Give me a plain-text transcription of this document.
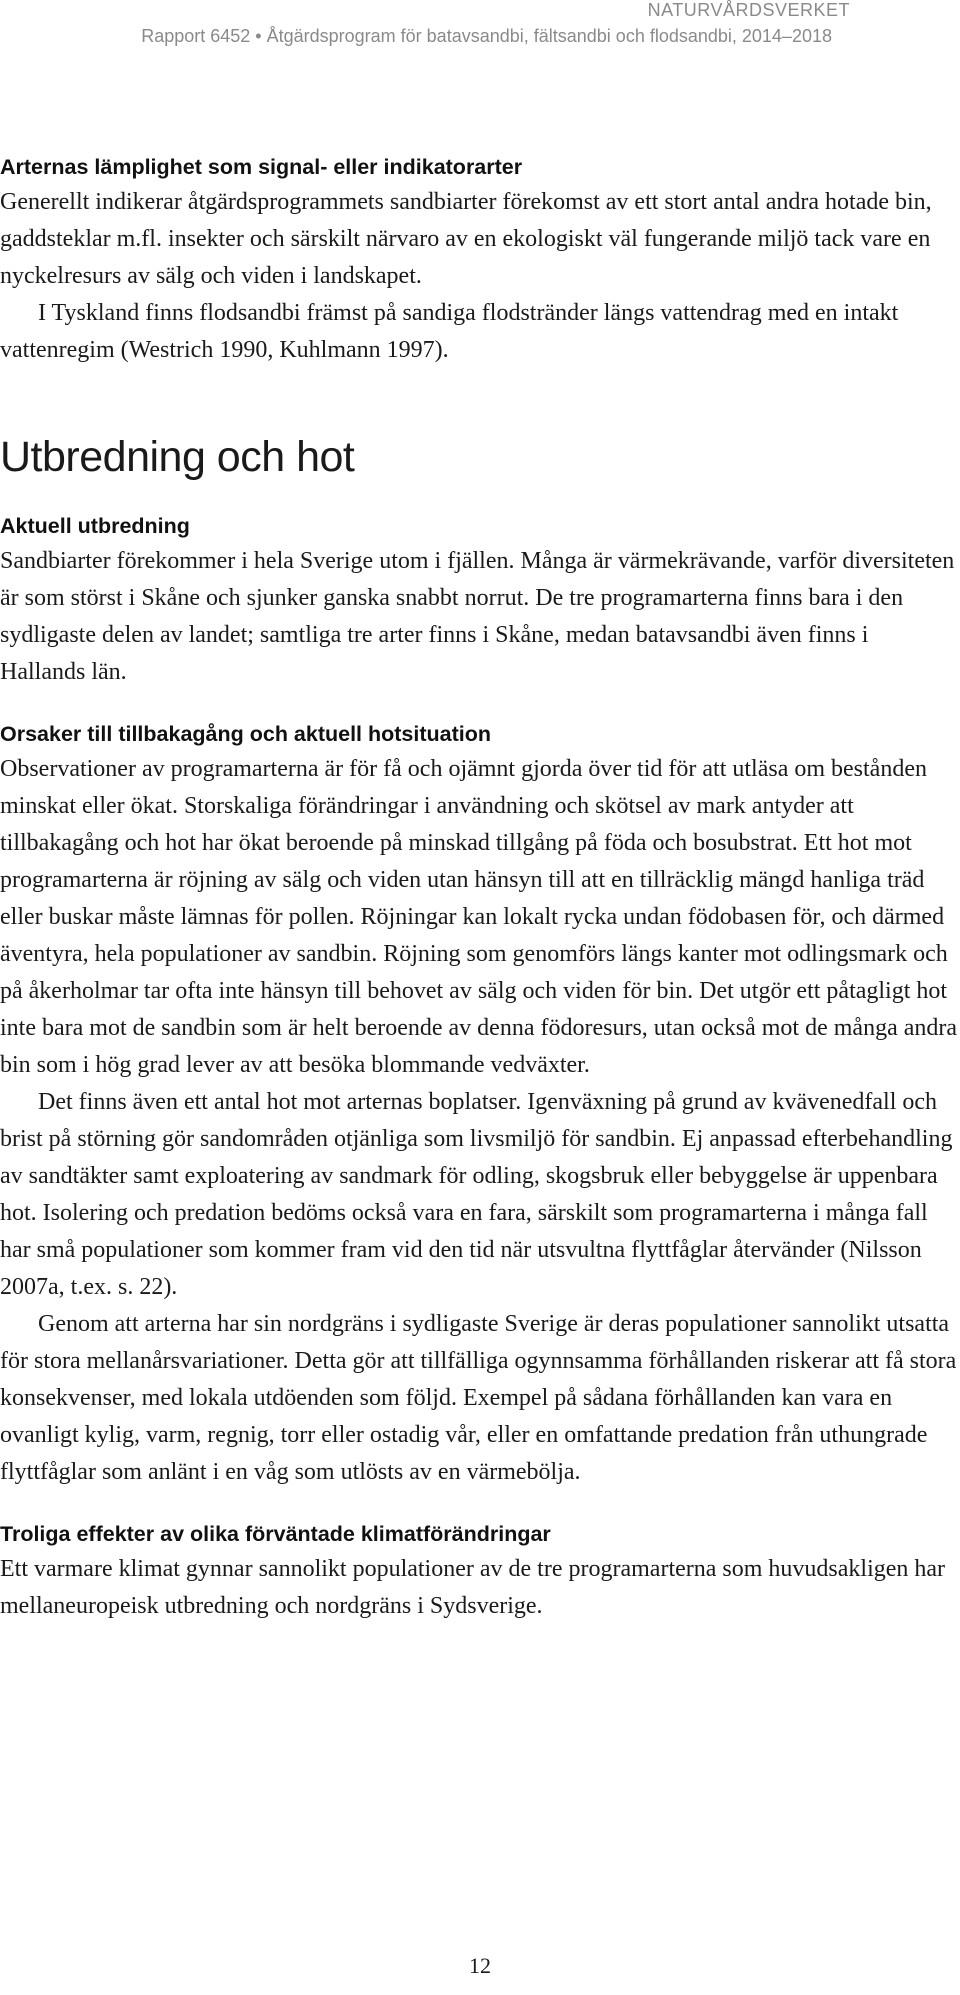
NATURVÅRDSVERKET
Rapport 6452 • Åtgärdsprogram för batavsandbi, fältsandbi och flodsandbi, 2014–2018
Arternas lämplighet som signal- eller indikatorarter

Generellt indikerar åtgärdsprogrammets sandbiarter förekomst av ett stort antal andra hotade bin, gaddsteklar m.fl. insekter och särskilt närvaro av en ekologiskt väl fungerande miljö tack vare en nyckelresurs av sälg och viden i landskapet.

I Tyskland finns flodsandbi främst på sandiga flodstränder längs vattendrag med en intakt vattenregim (Westrich 1990, Kuhlmann 1997).

Utbredning och hot
Aktuell utbredning

Sandbiarter förekommer i hela Sverige utom i fjällen. Många är värmekrävande, varför diversiteten är som störst i Skåne och sjunker ganska snabbt norrut. De tre programarterna finns bara i den sydligaste delen av landet; samtliga tre arter finns i Skåne, medan batavsandbi även finns i Hallands län.

Orsaker till tillbakagång och aktuell hotsituation

Observationer av programarterna är för få och ojämnt gjorda över tid för att utläsa om bestånden minskat eller ökat. Storskaliga förändringar i användning och skötsel av mark antyder att tillbakagång och hot har ökat beroende på minskad tillgång på föda och bosubstrat. Ett hot mot programarterna är röjning av sälg och viden utan hänsyn till att en tillräcklig mängd hanliga träd eller buskar måste lämnas för pollen. Röjningar kan lokalt rycka undan födobasen för, och därmed äventyra, hela populationer av sandbin. Röjning som genomförs längs kanter mot odlingsmark och på åkerholmar tar ofta inte hänsyn till behovet av sälg och viden för bin. Det utgör ett påtagligt hot inte bara mot de sandbin som är helt beroende av denna födoresurs, utan också mot de många andra bin som i hög grad lever av att besöka blommande vedväxter.

Det finns även ett antal hot mot arternas boplatser. Igenväxning på grund av kvävenedfall och brist på störning gör sandområden otjänliga som livsmiljö för sandbin. Ej anpassad efterbehandling av sandtäkter samt exploatering av sandmark för odling, skogsbruk eller bebyggelse är uppenbara hot. Isolering och predation bedöms också vara en fara, särskilt som programarterna i många fall har små populationer som kommer fram vid den tid när utsvultna flyttfåglar återvänder (Nilsson 2007a, t.ex. s. 22).

Genom att arterna har sin nordgräns i sydligaste Sverige är deras populationer sannolikt utsatta för stora mellanårsvariationer. Detta gör att tillfälliga ogynnsamma förhållanden riskerar att få stora konsekvenser, med lokala utdöenden som följd. Exempel på sådana förhållanden kan vara en ovanligt kylig, varm, regnig, torr eller ostadig vår, eller en omfattande predation från uthungrade flyttfåglar som anlänt i en våg som utlösts av en värmebölja.

Troliga effekter av olika förväntade klimatförändringar

Ett varmare klimat gynnar sannolikt populationer av de tre programarterna som huvudsakligen har mellaneuropeisk utbredning och nordgräns i Sydsverige.

12
